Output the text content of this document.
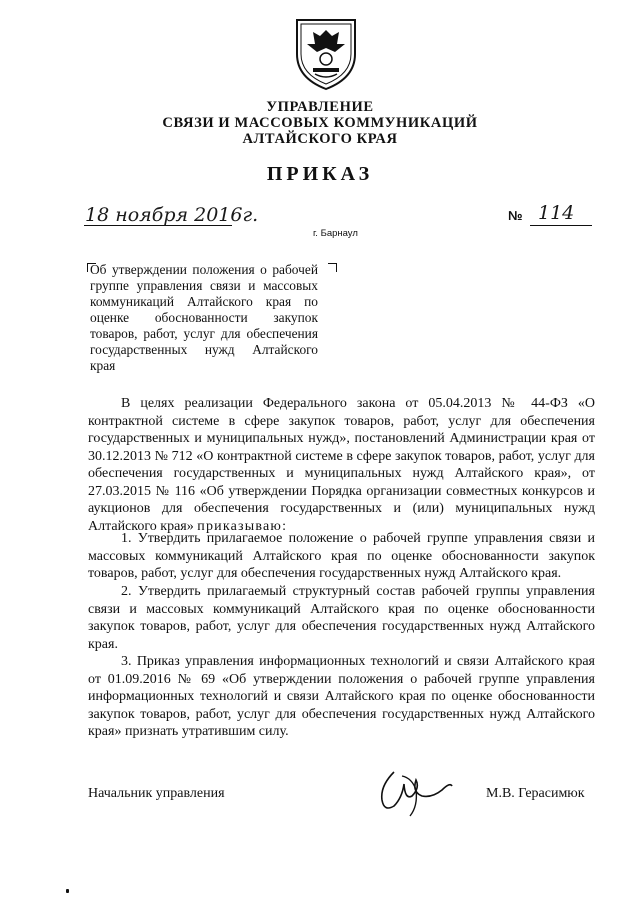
УПРАВЛЕНИЕ
СВЯЗИ И МАССОВЫХ КОММУНИКАЦИЙ
АЛТАЙСКОГО КРАЯ
ПРИКАЗ
18 ноября 2016г.
г. Барнаул
№ 114
Об утверждении положения о рабочей группе управления связи и массовых коммуникаций Алтайского края по оценке обоснованности закупок товаров, работ, услуг для обеспечения государственных нужд Алтайского края

В целях реализации Федерального закона от 05.04.2013 № 44-ФЗ «О контрактной системе в сфере закупок товаров, работ, услуг для обеспечения государственных и муниципальных нужд», постановлений Администрации края от 30.12.2013 № 712 «О контрактной системе в сфере закупок товаров, работ, услуг для обеспечения государственных и муниципальных нужд Алтайского края», от 27.03.2015 № 116 «Об утверждении Порядка организации совместных конкурсов и аукционов для обеспечения государственных и (или) муниципальных нужд Алтайского края» приказываю:

1. Утвердить прилагаемое положение о рабочей группе управления связи и массовых коммуникаций Алтайского края по оценке обоснованности закупок товаров, работ, услуг для обеспечения государственных нужд Алтайского края.

2. Утвердить прилагаемый структурный состав рабочей группы управления связи и массовых коммуникаций Алтайского края по оценке обоснованности закупок товаров, работ, услуг для обеспечения государственных нужд Алтайского края.

3. Приказ управления информационных технологий и связи Алтайского края от 01.09.2016 № 69 «Об утверждении положения о рабочей группе управления информационных технологий и связи Алтайского края по оценке обоснованности закупок товаров, работ, услуг для обеспечения государственных нужд Алтайского края» признать утратившим силу.

Начальник управления	М.В. Герасимюк
